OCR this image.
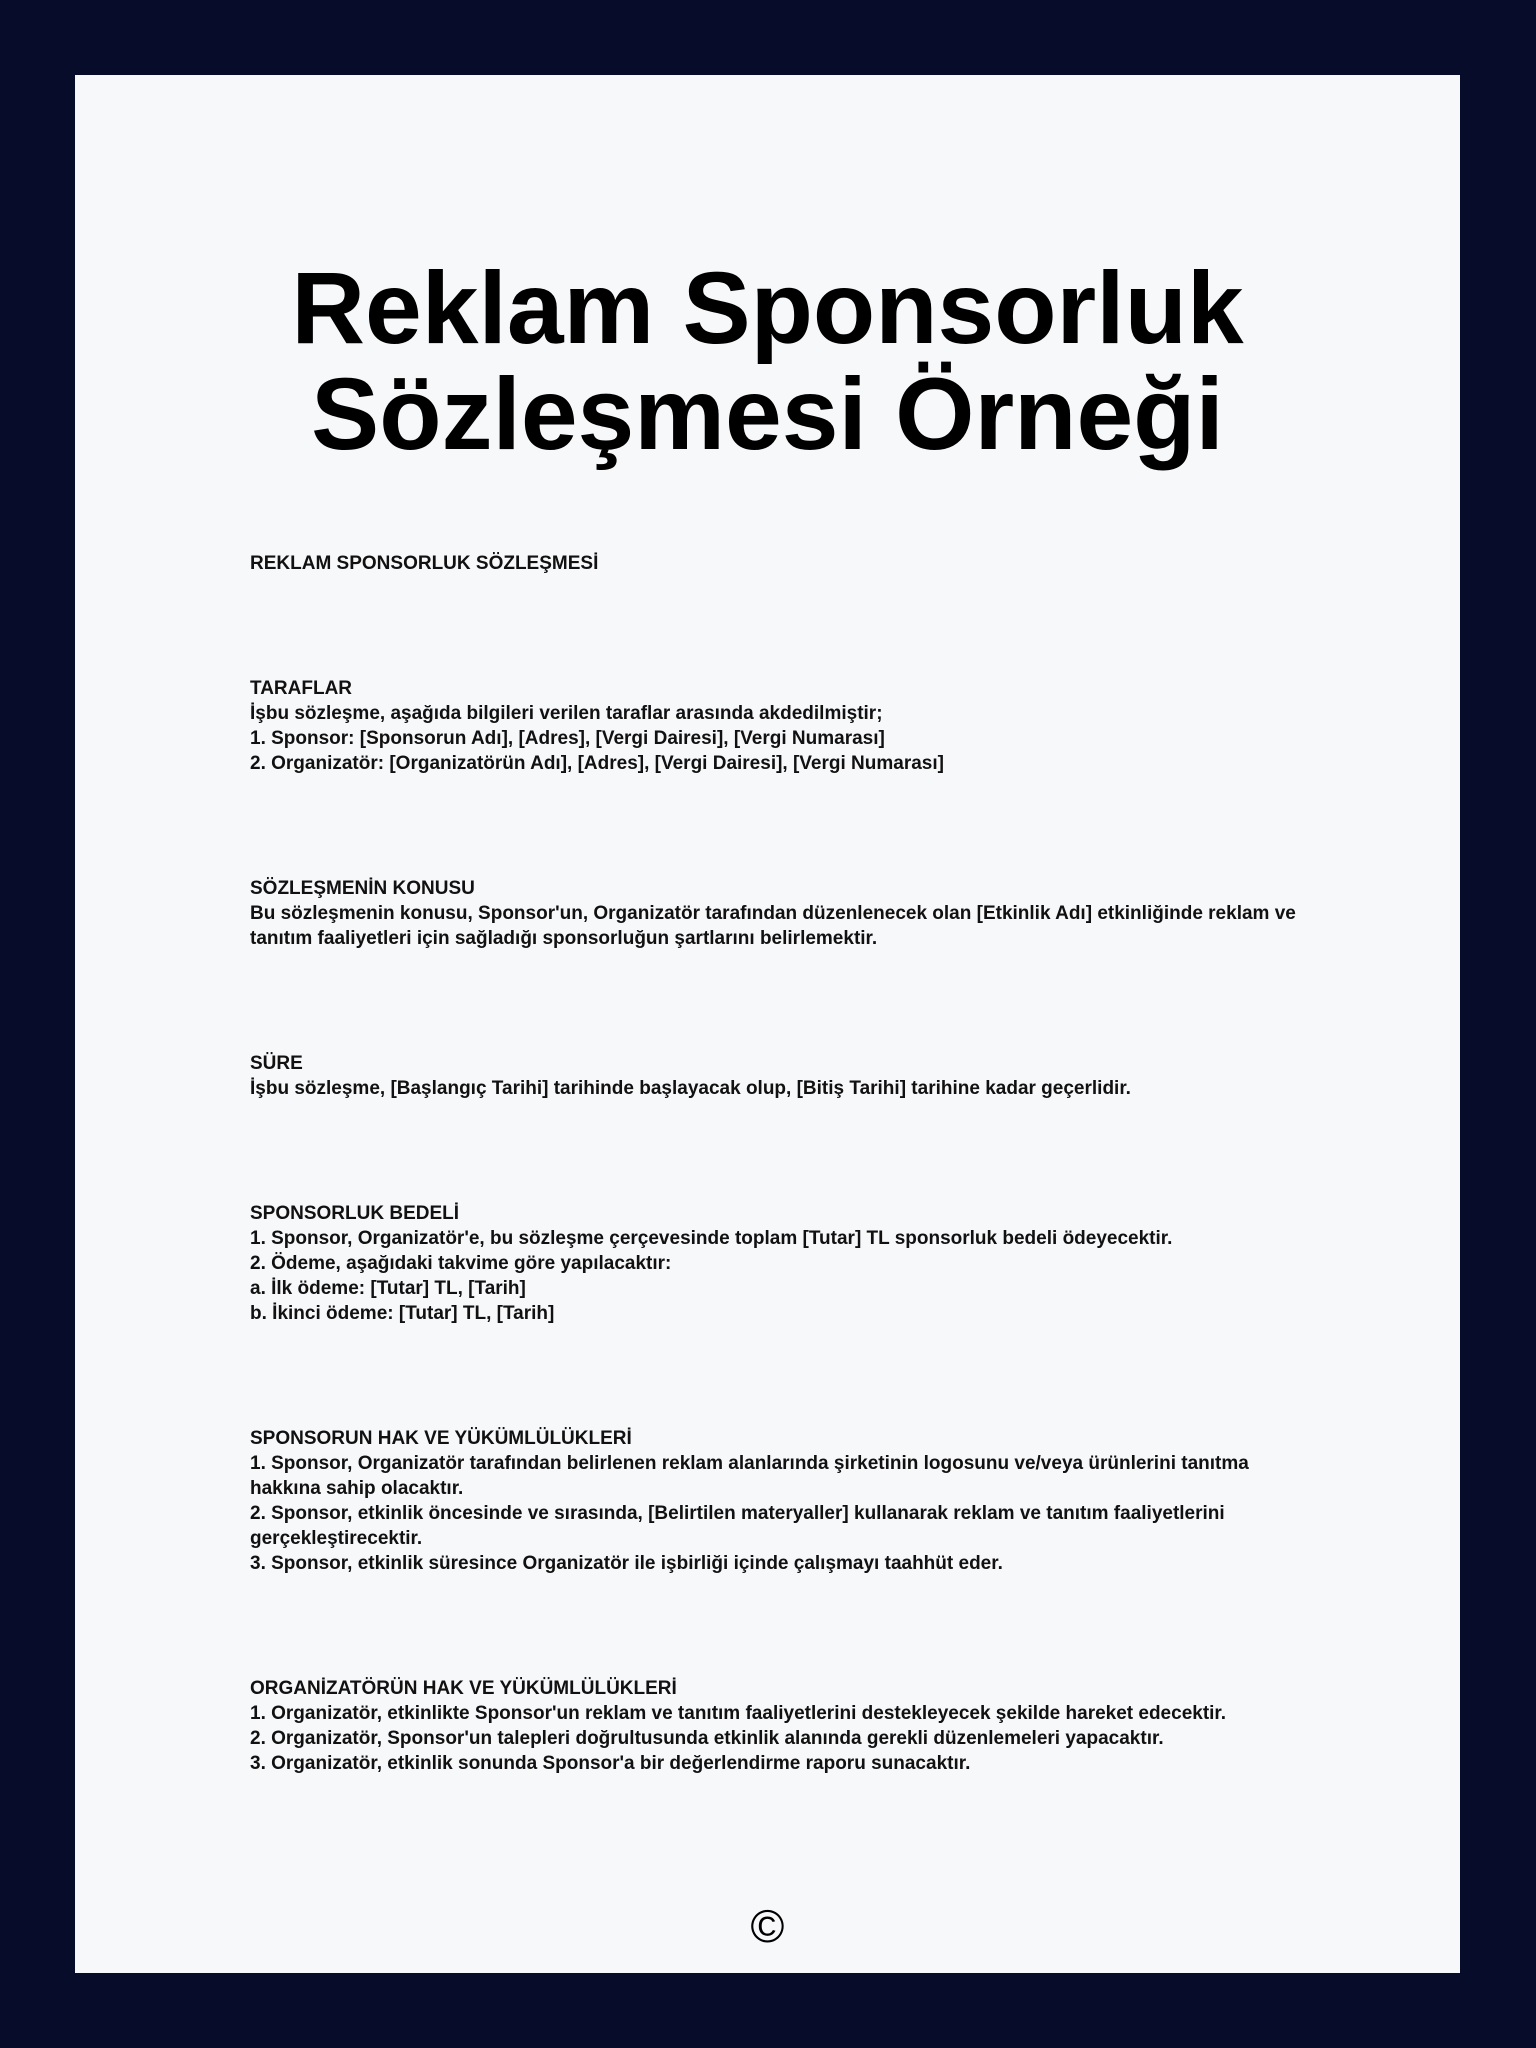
Reklam Sponsorluk
Sözleşmesi Örneği
REKLAM SPONSORLUK SÖZLEŞMESİ
TARAFLAR
İşbu sözleşme, aşağıda bilgileri verilen taraflar arasında akdedilmiştir;
1. Sponsor: [Sponsorun Adı], [Adres], [Vergi Dairesi], [Vergi Numarası]
2. Organizatör: [Organizatörün Adı], [Adres], [Vergi Dairesi], [Vergi Numarası]
SÖZLEŞMENİN KONUSU
Bu sözleşmenin konusu, Sponsor'un, Organizatör tarafından düzenlenecek olan [Etkinlik Adı] etkinliğinde reklam ve tanıtım faaliyetleri için sağladığı sponsorluğun şartlarını belirlemektir.
SÜRE
İşbu sözleşme, [Başlangıç Tarihi] tarihinde başlayacak olup, [Bitiş Tarihi] tarihine kadar geçerlidir.
SPONSORLUK BEDELİ
1. Sponsor, Organizatör'e, bu sözleşme çerçevesinde toplam [Tutar] TL sponsorluk bedeli ödeyecektir.
2. Ödeme, aşağıdaki takvime göre yapılacaktır:
a. İlk ödeme: [Tutar] TL, [Tarih]
b. İkinci ödeme: [Tutar] TL, [Tarih]
SPONSORUN HAK VE YÜKÜMLÜLÜKLERİ
1. Sponsor, Organizatör tarafından belirlenen reklam alanlarında şirketinin logosunu ve/veya ürünlerini tanıtma hakkına sahip olacaktır.
2. Sponsor, etkinlik öncesinde ve sırasında, [Belirtilen materyaller] kullanarak reklam ve tanıtım faaliyetlerini gerçekleştirecektir.
3. Sponsor, etkinlik süresince Organizatör ile işbirliği içinde çalışmayı taahhüt eder.
ORGANİZATÖRÜN HAK VE YÜKÜMLÜLÜKLERİ
1. Organizatör, etkinlikte Sponsor'un reklam ve tanıtım faaliyetlerini destekleyecek şekilde hareket edecektir.
2. Organizatör, Sponsor'un talepleri doğrultusunda etkinlik alanında gerekli düzenlemeleri yapacaktır.
3. Organizatör, etkinlik sonunda Sponsor'a bir değerlendirme raporu sunacaktır.
©
